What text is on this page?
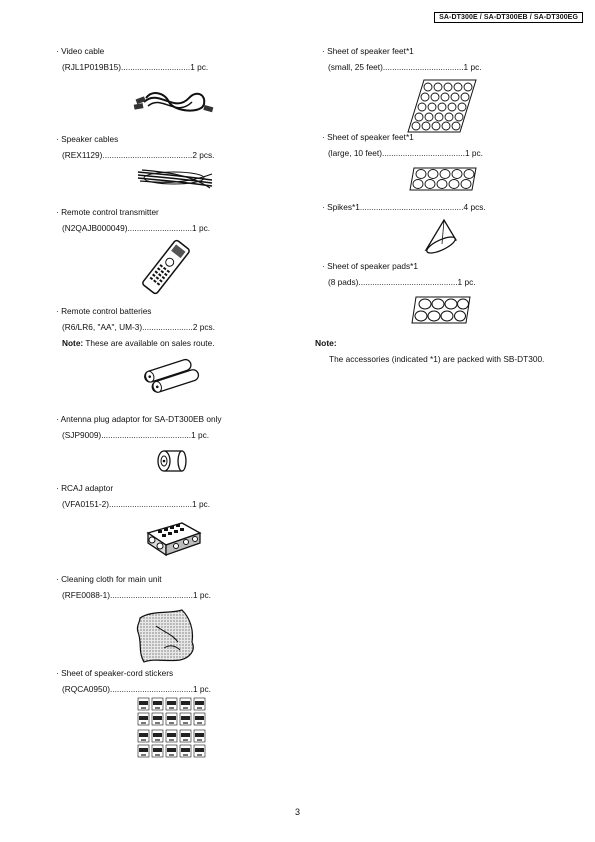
SA-DT300E / SA-DT300EB / SA-DT300EG
· Video cable
(RJL1P019B15)..............................1 pc.
· Speaker cables
(REX1129).......................................2 pcs.
· Remote control transmitter
(N2QAJB000049)............................1 pc.
· Remote control batteries
(R6/LR6, "AA", UM-3)......................2 pcs.
Note: These are available on sales route.
· Antenna plug adaptor for SA-DT300EB only
(SJP9009).......................................1 pc.
· RCAJ adaptor
(VFA0151-2)....................................1 pc.
· Cleaning cloth for main unit
(RFE0088-1)....................................1 pc.
· Sheet of speaker-cord stickers
(RQCA0950)....................................1 pc.
· Sheet of speaker feet*1
(small, 25 feet)...................................1 pc.
· Sheet of speaker feet*1
(large, 10 feet)....................................1 pc.
· Spikes*1.............................................4 pcs.
· Sheet of speaker pads*1
(8 pads)...........................................1 pc.
Note:
The accessories (indicated *1) are packed with SB-DT300.
3
